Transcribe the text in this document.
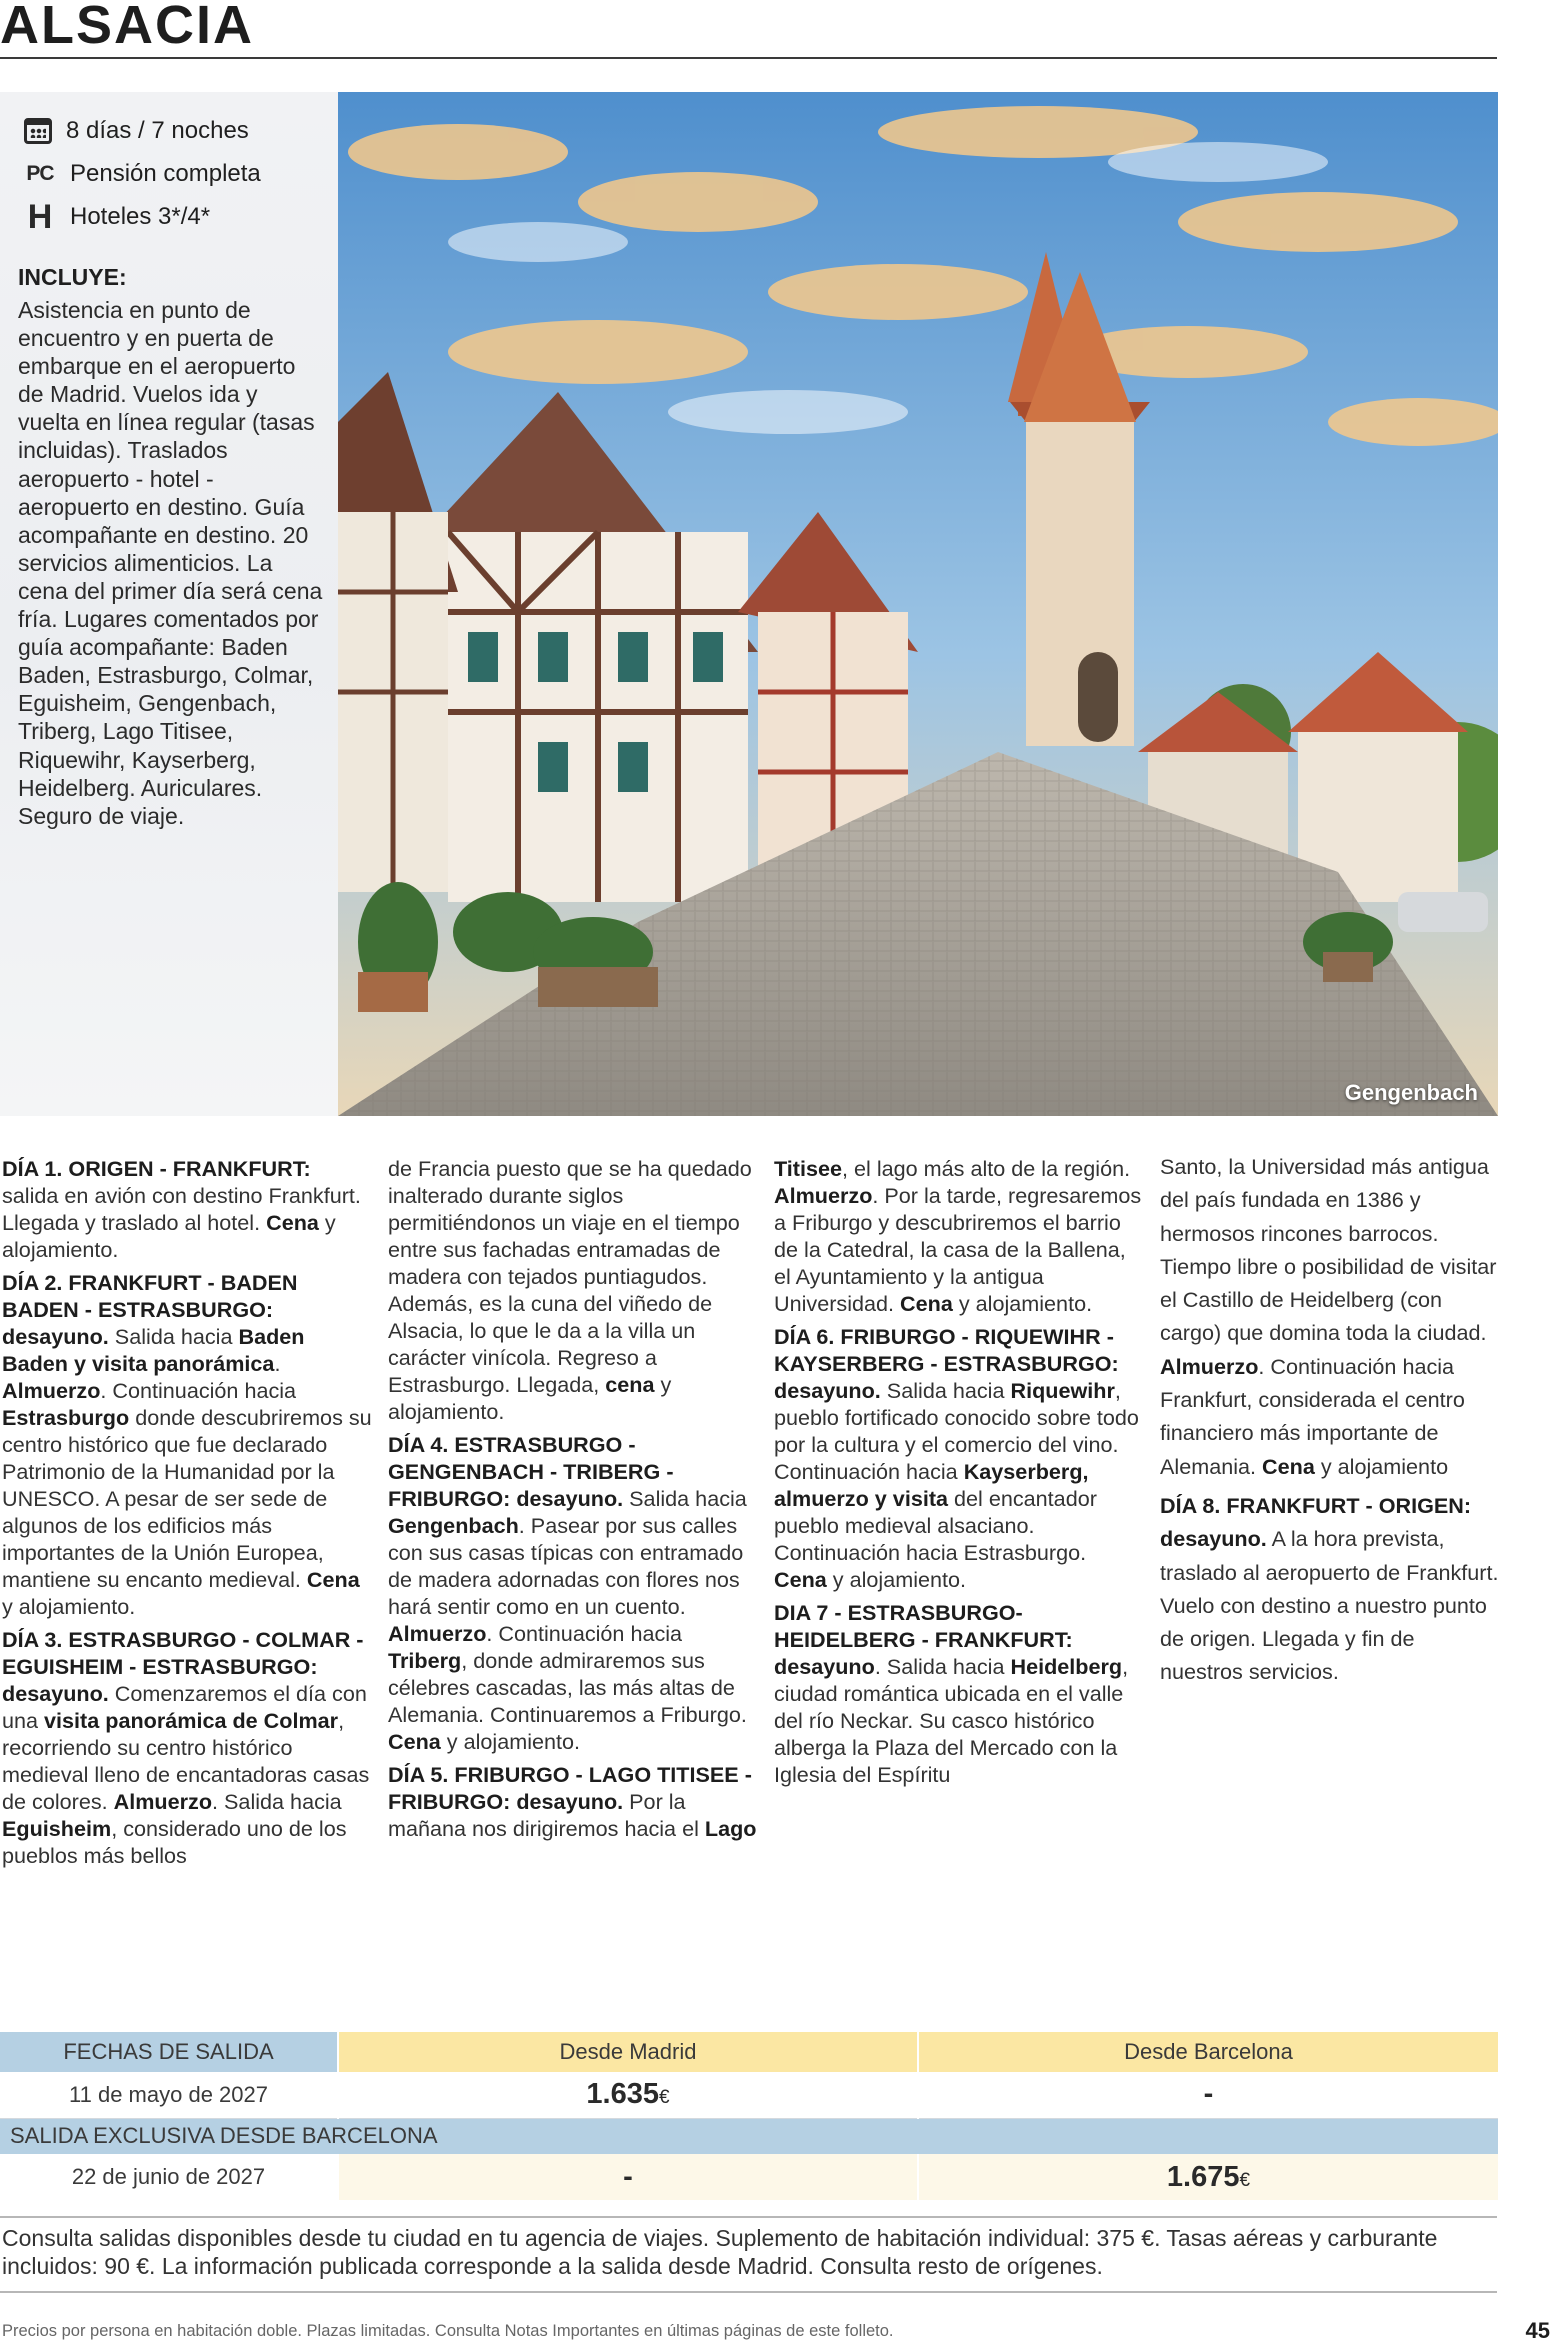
ALSACIA
8 días / 7 noches
PC Pensión completa
H Hoteles 3*/4*
INCLUYE:
Asistencia en punto de encuentro y en puerta de embarque en el aeropuerto de Madrid. Vuelos ida y vuelta en línea regular (tasas incluidas). Traslados aeropuerto - hotel - aeropuerto en destino. Guía acompañante en destino. 20 servicios alimenticios. La cena del primer día será cena fría. Lugares comentados por guía acompañante: Baden Baden, Estrasburgo, Colmar, Eguisheim, Gengenbach, Triberg, Lago Titisee, Riquewihr, Kayserberg, Heidelberg. Auriculares. Seguro de viaje.
Gengenbach

DÍA 1. ORIGEN - FRANKFURT: salida en avión con destino Frankfurt. Llegada y traslado al hotel. Cena y alojamiento.

DÍA 2. FRANKFURT - BADEN BADEN - ESTRASBURGO: desayuno. Salida hacia Baden Baden y visita panorámica. Almuerzo. Continuación hacia Estrasburgo donde descubriremos su centro histórico que fue declarado Patrimonio de la Humanidad por la UNESCO. A pesar de ser sede de algunos de los edificios más importantes de la Unión Europea, mantiene su encanto medieval. Cena y alojamiento.

DÍA 3. ESTRASBURGO - COLMAR - EGUISHEIM - ESTRASBURGO: desayuno. Comenzaremos el día con una visita panorámica de Colmar, recorriendo su centro histórico medieval lleno de encantadoras casas de colores. Almuerzo. Salida hacia Eguisheim, considerado uno de los pueblos más bellos

de Francia puesto que se ha quedado inalterado durante siglos permitiéndonos un viaje en el tiempo entre sus fachadas entramadas de madera con tejados puntiagudos. Además, es la cuna del viñedo de Alsacia, lo que le da a la villa un carácter vinícola. Regreso a Estrasburgo. Llegada, cena y alojamiento.

DÍA 4. ESTRASBURGO - GENGENBACH - TRIBERG - FRIBURGO: desayuno. Salida hacia Gengenbach. Pasear por sus calles con sus casas típicas con entramado de madera adornadas con flores nos hará sentir como en un cuento. Almuerzo. Continuación hacia Triberg, donde admiraremos sus célebres cascadas, las más altas de Alemania. Continuaremos a Friburgo. Cena y alojamiento.

DÍA 5. FRIBURGO - LAGO TITISEE - FRIBURGO: desayuno. Por la mañana nos dirigiremos hacia el Lago

Titisee, el lago más alto de la región. Almuerzo. Por la tarde, regresaremos a Friburgo y descubriremos el barrio de la Catedral, la casa de la Ballena, el Ayuntamiento y la antigua Universidad. Cena y alojamiento.

DÍA 6. FRIBURGO - RIQUEWIHR - KAYSERBERG - ESTRASBURGO: desayuno. Salida hacia Riquewihr, pueblo fortificado conocido sobre todo por la cultura y el comercio del vino. Continuación hacia Kayserberg, almuerzo y visita del encantador pueblo medieval alsaciano. Continuación hacia Estrasburgo. Cena y alojamiento.

DIA 7 - ESTRASBURGO-HEIDELBERG - FRANKFURT: desayuno. Salida hacia Heidelberg, ciudad romántica ubicada en el valle del río Neckar. Su casco histórico alberga la Plaza del Mercado con la Iglesia del Espíritu

Santo, la Universidad más antigua del país fundada en 1386 y hermosos rincones barrocos. Tiempo libre o posibilidad de visitar el Castillo de Heidelberg (con cargo) que domina toda la ciudad. Almuerzo. Continuación hacia Frankfurt, considerada el centro financiero más importante de Alemania. Cena y alojamiento

DÍA 8. FRANKFURT - ORIGEN: desayuno. A la hora prevista, traslado al aeropuerto de Frankfurt. Vuelo con destino a nuestro punto de origen. Llegada y fin de nuestros servicios.

FECHAS DE SALIDA	Desde Madrid	Desde Barcelona
11 de mayo de 2027	1.635€	-
SALIDA EXCLUSIVA DESDE BARCELONA		
22 de junio de 2027	-	1.675€
Consulta salidas disponibles desde tu ciudad en tu agencia de viajes. Suplemento de habitación individual: 375 €. Tasas aéreas y carburante incluidos: 90 €. La información publicada corresponde a la salida desde Madrid. Consulta resto de orígenes.
Precios por persona en habitación doble. Plazas limitadas. Consulta Notas Importantes en últimas páginas de este folleto.	45
